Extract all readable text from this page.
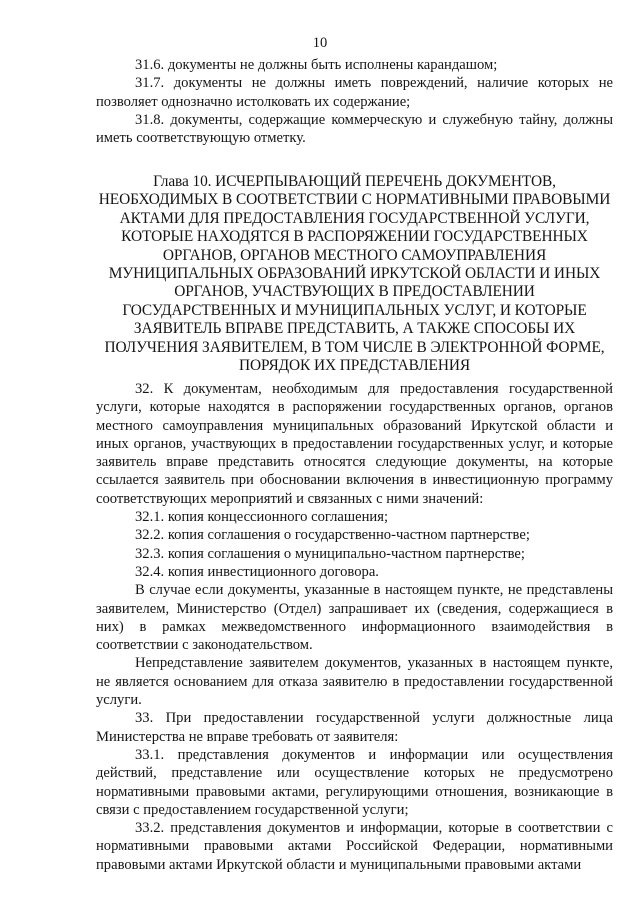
10

31.6. документы не должны быть исполнены карандашом;

31.7. документы не должны иметь повреждений, наличие которых не позволяет однозначно истолковать их содержание;

31.8. документы, содержащие коммерческую и служебную тайну, должны иметь соответствующую отметку.

Глава 10. ИСЧЕРПЫВАЮЩИЙ ПЕРЕЧЕНЬ ДОКУМЕНТОВ,

НЕОБХОДИМЫХ В СООТВЕТСТВИИ С НОРМАТИВНЫМИ ПРАВОВЫМИ

АКТАМИ ДЛЯ ПРЕДОСТАВЛЕНИЯ ГОСУДАРСТВЕННОЙ УСЛУГИ,

КОТОРЫЕ НАХОДЯТСЯ В РАСПОРЯЖЕНИИ ГОСУДАРСТВЕННЫХ

ОРГАНОВ, ОРГАНОВ МЕСТНОГО САМОУПРАВЛЕНИЯ

МУНИЦИПАЛЬНЫХ ОБРАЗОВАНИЙ ИРКУТСКОЙ ОБЛАСТИ И ИНЫХ

ОРГАНОВ, УЧАСТВУЮЩИХ В ПРЕДОСТАВЛЕНИИ

ГОСУДАРСТВЕННЫХ И МУНИЦИПАЛЬНЫХ УСЛУГ, И КОТОРЫЕ

ЗАЯВИТЕЛЬ ВПРАВЕ ПРЕДСТАВИТЬ, А ТАКЖЕ СПОСОБЫ ИХ

ПОЛУЧЕНИЯ ЗАЯВИТЕЛЕМ, В ТОМ ЧИСЛЕ В ЭЛЕКТРОННОЙ ФОРМЕ,

ПОРЯДОК ИХ ПРЕДСТАВЛЕНИЯ

32. К документам, необходимым для предоставления государственной услуги, которые находятся в распоряжении государственных органов, органов местного самоуправления муниципальных образований Иркутской области и иных органов, участвующих в предоставлении государственных услуг, и которые заявитель вправе представить относятся следующие документы, на которые ссылается заявитель при обосновании включения в инвестиционную программу соответствующих мероприятий и связанных с ними значений:

32.1. копия концессионного соглашения;

32.2. копия соглашения о государственно-частном партнерстве;

32.3. копия соглашения о муниципально-частном партнерстве;

32.4. копия инвестиционного договора.

В случае если документы, указанные в настоящем пункте, не представлены заявителем, Министерство (Отдел) запрашивает их (сведения, содержащиеся в них) в рамках межведомственного информационного взаимодействия в соответствии с законодательством.

Непредставление заявителем документов, указанных в настоящем пункте, не является основанием для отказа заявителю в предоставлении государственной услуги.

33. При предоставлении государственной услуги должностные лица Министерства не вправе требовать от заявителя:

33.1. представления документов и информации или осуществления действий, представление или осуществление которых не предусмотрено нормативными правовыми актами, регулирующими отношения, возникающие в связи с предоставлением государственной услуги;

33.2. представления документов и информации, которые в соответствии с нормативными правовыми актами Российской Федерации, нормативными правовыми актами Иркутской области и муниципальными правовыми актами
